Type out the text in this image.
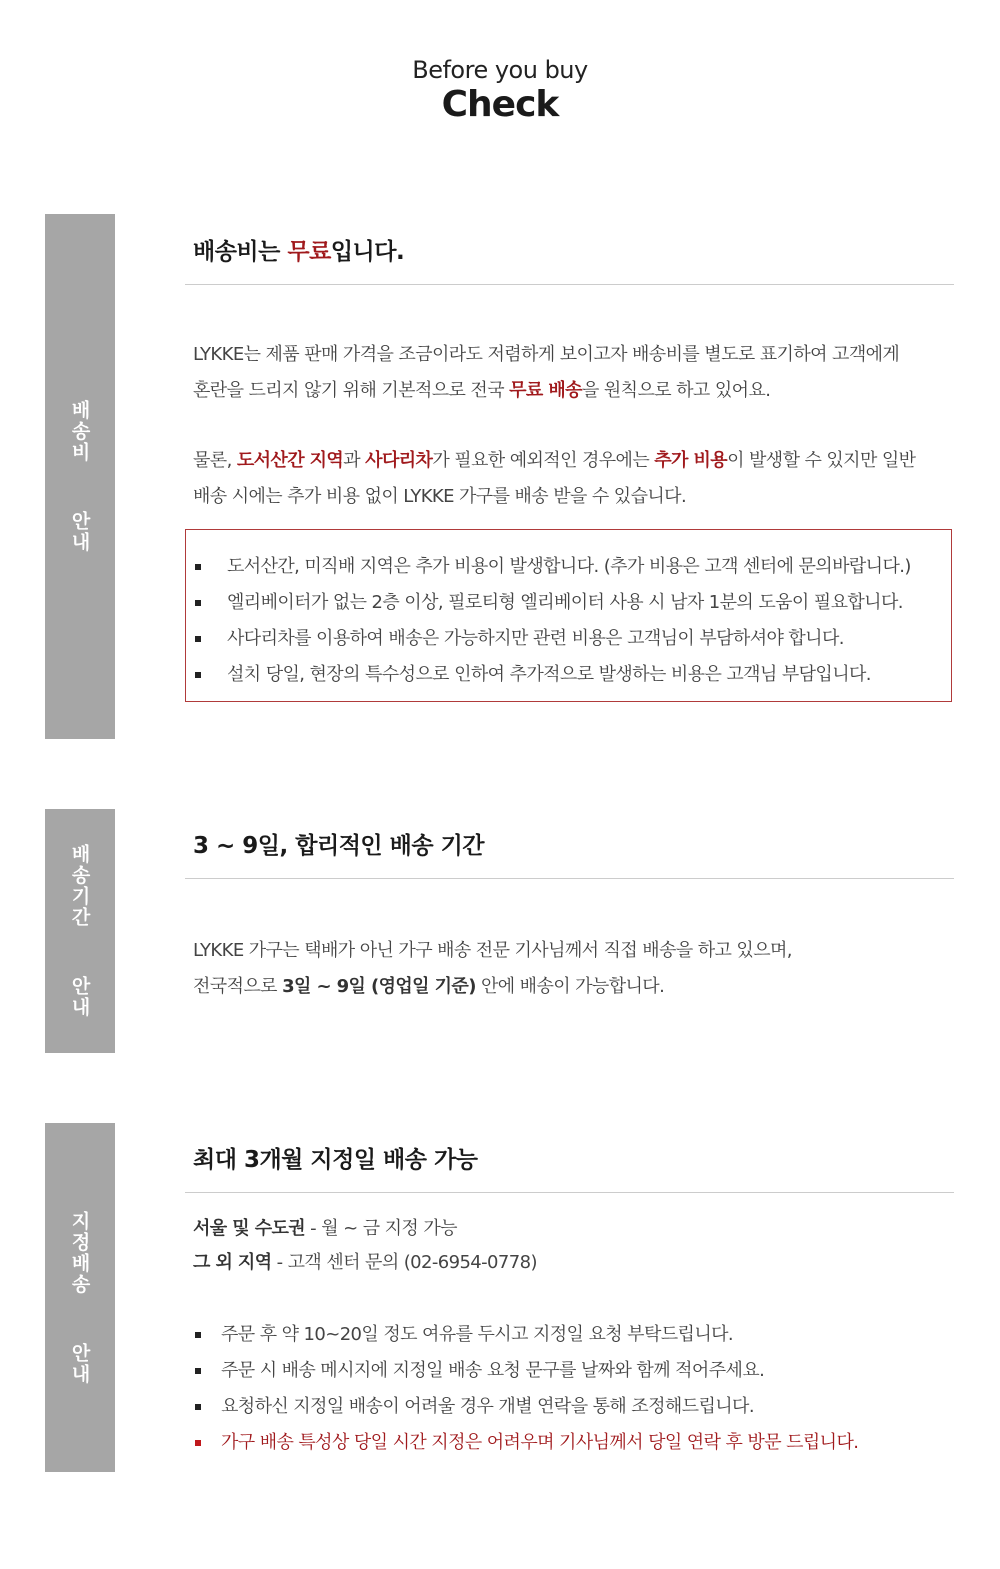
Before you buy
Check
배송비  안내
배송비는 무료입니다.
LYKKE는 제품 판매 가격을 조금이라도 저렴하게 보이고자 배송비를 별도로 표기하여 고객에게
혼란을 드리지 않기 위해 기본적으로 전국 무료 배송을 원칙으로 하고 있어요.
물론, 도서산간 지역과 사다리차가 필요한 예외적인 경우에는 추가 비용이 발생할 수 있지만 일반
배송 시에는 추가 비용 없이 LYKKE 가구를 배송 받을 수 있습니다.
도서산간, 미직배 지역은 추가 비용이 발생합니다. (추가 비용은 고객 센터에 문의바랍니다.)
엘리베이터가 없는 2층 이상, 필로티형 엘리베이터 사용 시 남자 1분의 도움이 필요합니다.
사다리차를 이용하여 배송은 가능하지만 관련 비용은 고객님이 부담하셔야 합니다.
설치 당일, 현장의 특수성으로 인하여 추가적으로 발생하는 비용은 고객님 부담입니다.
배송기간  안내	3 ~ 9일, 합리적인 배송 기간
LYKKE 가구는 택배가 아닌 가구 배송 전문 기사님께서 직접 배송을 하고 있으며,
전국적으로 3일 ~ 9일 (영업일 기준) 안에 배송이 가능합니다.
지정배송  안내
최대 3개월 지정일 배송 가능
서울 및 수도권 - 월 ~ 금 지정 가능
그 외 지역 - 고객 센터 문의 (02-6954-0778)
주문 후 약 10~20일 정도 여유를 두시고 지정일 요청 부탁드립니다.
주문 시 배송 메시지에 지정일 배송 요청 문구를 날짜와 함께 적어주세요.
요청하신 지정일 배송이 어려울 경우 개별 연락을 통해 조정해드립니다.
가구 배송 특성상 당일 시간 지정은 어려우며 기사님께서 당일 연락 후 방문 드립니다.
